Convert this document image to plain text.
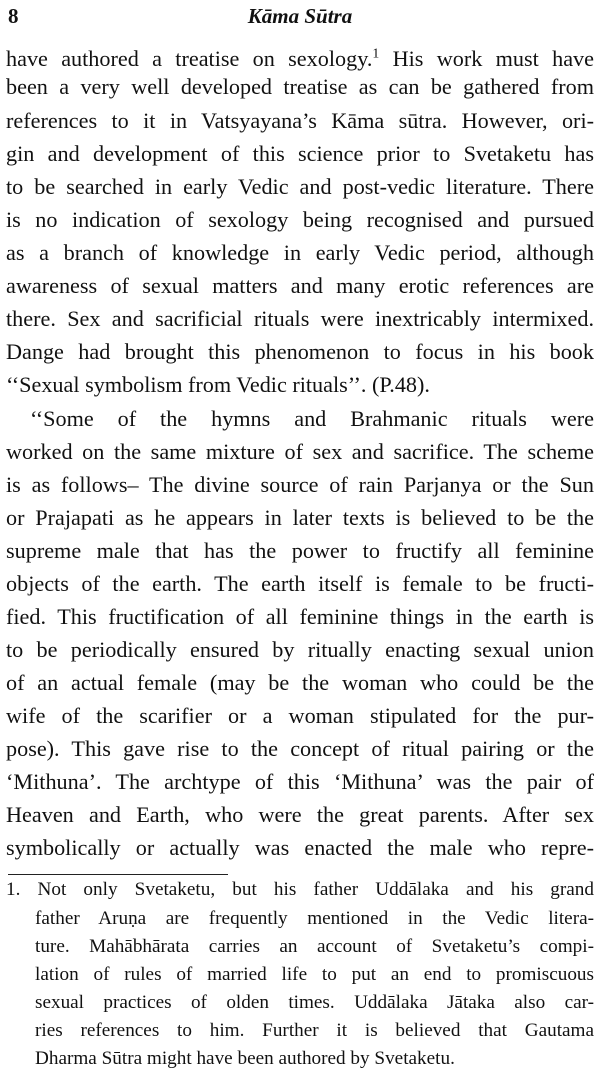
8	Kāma Sūtra
have authored a treatise on sexology.$^1$ His work must have
been a very well developed treatise as can be gathered from
references to it in Vatsyayana’s Kāma sūtra. However, ori-
gin and development of this science prior to Svetaketu has
to be searched in early Vedic and post-vedic literature. There
is no indication of sexology being recognised and pursued
as a branch of knowledge in early Vedic period, although
awareness of sexual matters and many erotic references are
there. Sex and sacrificial rituals were inextricably intermixed.
Dange had brought this phenomenon to focus in his book
‘‘Sexual symbolism from Vedic rituals’’. (P.48).
‘‘Some of the hymns and Brahmanic rituals were
worked on the same mixture of sex and sacrifice. The scheme
is as follows– The divine source of rain Parjanya or the Sun
or Prajapati as he appears in later texts is believed to be the
supreme male that has the power to fructify all feminine
objects of the earth. The earth itself is female to be fructi-
fied. This fructification of all feminine things in the earth is
to be periodically ensured by ritually enacting sexual union
of an actual female (may be the woman who could be the
wife of the scarifier or a woman stipulated for the pur-
pose). This gave rise to the concept of ritual pairing or the
‘Mithuna’. The archtype of this ‘Mithuna’ was the pair of
Heaven and Earth, who were the great parents. After sex
symbolically or actually was enacted the male who repre-
1. Not only Svetaketu, but his father Uddālaka and his grand
father Aruṇa are frequently mentioned in the Vedic litera-
ture. Mahābhārata carries an account of Svetaketu’s compi-
lation of rules of married life to put an end to promiscuous
sexual practices of olden times. Uddālaka Jātaka also car-
ries references to him. Further it is believed that Gautama
Dharma Sūtra might have been authored by Svetaketu.
